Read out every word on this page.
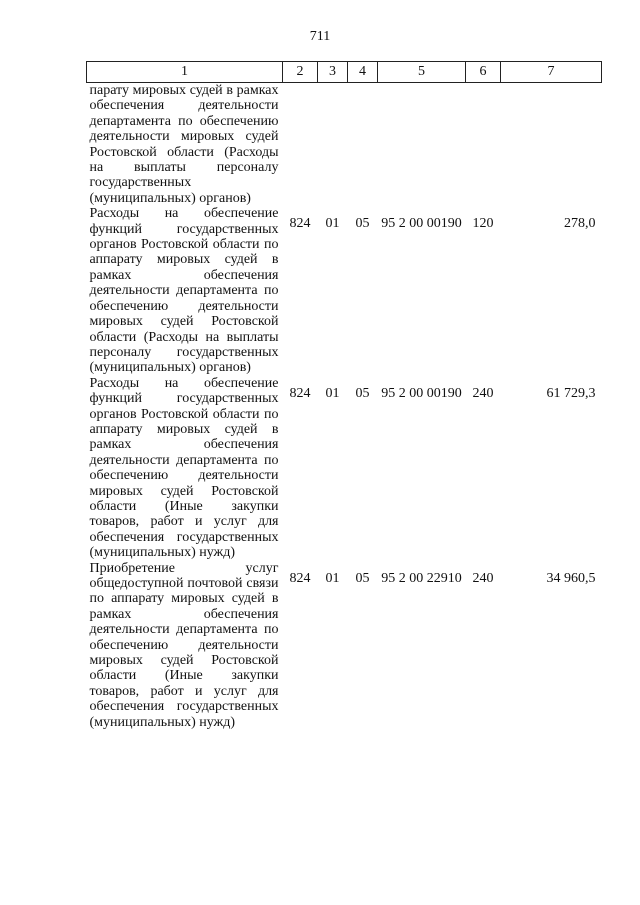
711
1	2	3	4	5	6	7

парату мировых судей в рамках обеспечения деятельности департамента по обеспечению деятельности мировых судей Ростовской области (Расходы на выплаты персоналу государственных (муниципальных) органов)						

Расходы на обеспечение функций государственных органов Ростовской области по аппарату мировых судей в рамках обеспечения деятельности департамента по обеспечению деятельности мировых судей Ростовской области (Расходы на выплаты персоналу государственных (муниципальных) органов)	824	01	05	95 2 00 00190	120	278,0

Расходы на обеспечение функций государственных органов Ростовской области по аппарату мировых судей в рамках обеспечения деятельности департамента по обеспечению деятельности мировых судей Ростовской области (Иные закупки товаров, работ и услуг для обеспечения государственных (муниципальных) нужд)	824	01	05	95 2 00 00190	240	61 729,3

Приобретение услуг общедоступной почтовой связи по аппарату мировых судей в рамках обеспечения деятельности департамента по обеспечению деятельности мировых судей Ростовской области (Иные закупки товаров, работ и услуг для обеспечения государственных (муниципальных) нужд)	824	01	05	95 2 00 22910	240	34 960,5
